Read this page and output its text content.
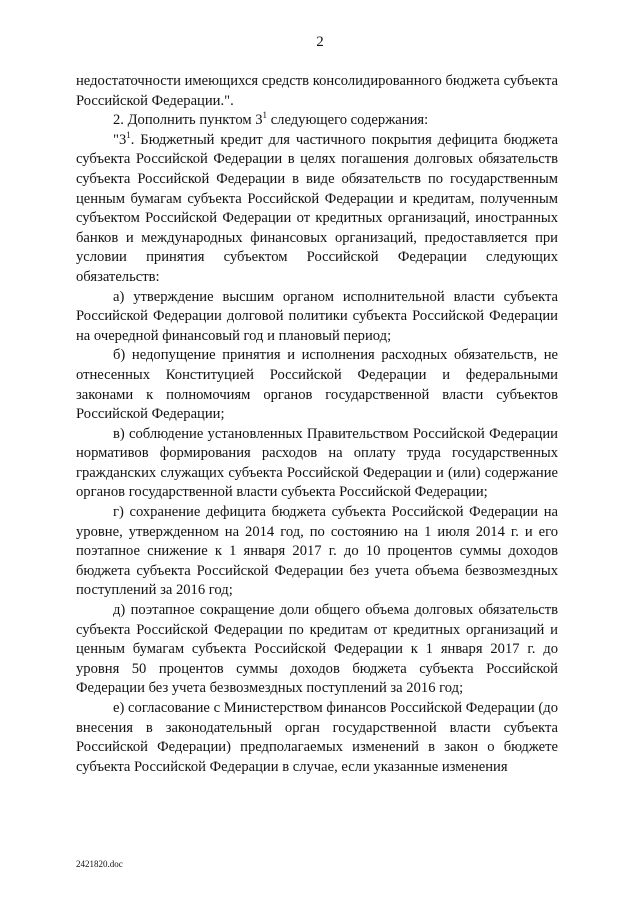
2

недостаточности имеющихся средств консолидированного бюджета субъекта Российской Федерации.".

2. Дополнить пунктом $3^1$ следующего содержания:

"$3^1$. Бюджетный кредит для частичного покрытия дефицита бюджета субъекта Российской Федерации в целях погашения долговых обязательств субъекта Российской Федерации в виде обязательств по государственным ценным бумагам субъекта Российской Федерации и кредитам, полученным субъектом Российской Федерации от кредитных организаций, иностранных банков и международных финансовых организаций, предоставляется при условии принятия субъектом Российской Федерации следующих обязательств:

а) утверждение высшим органом исполнительной власти субъекта Российской Федерации долговой политики субъекта Российской Федерации на очередной финансовый год и плановый период;

б) недопущение принятия и исполнения расходных обязательств, не отнесенных Конституцией Российской Федерации и федеральными законами к полномочиям органов государственной власти субъектов Российской Федерации;

в) соблюдение установленных Правительством Российской Федерации нормативов формирования расходов на оплату труда государственных гражданских служащих субъекта Российской Федерации и (или) содержание органов государственной власти субъекта Российской Федерации;

г) сохранение дефицита бюджета субъекта Российской Федерации на уровне, утвержденном на 2014 год, по состоянию на 1 июля 2014 г. и его поэтапное снижение к 1 января 2017 г. до 10 процентов суммы доходов бюджета субъекта Российской Федерации без учета объема безвозмездных поступлений за 2016 год;

д) поэтапное сокращение доли общего объема долговых обязательств субъекта Российской Федерации по кредитам от кредитных организаций и ценным бумагам субъекта Российской Федерации к 1 января 2017 г. до уровня 50 процентов суммы доходов бюджета субъекта Российской Федерации без учета безвозмездных поступлений за 2016 год;

е) согласование с Министерством финансов Российской Федерации (до внесения в законодательный орган государственной власти субъекта Российской Федерации) предполагаемых изменений в закон о бюджете субъекта Российской Федерации в случае, если указанные изменения

2421820.doc
